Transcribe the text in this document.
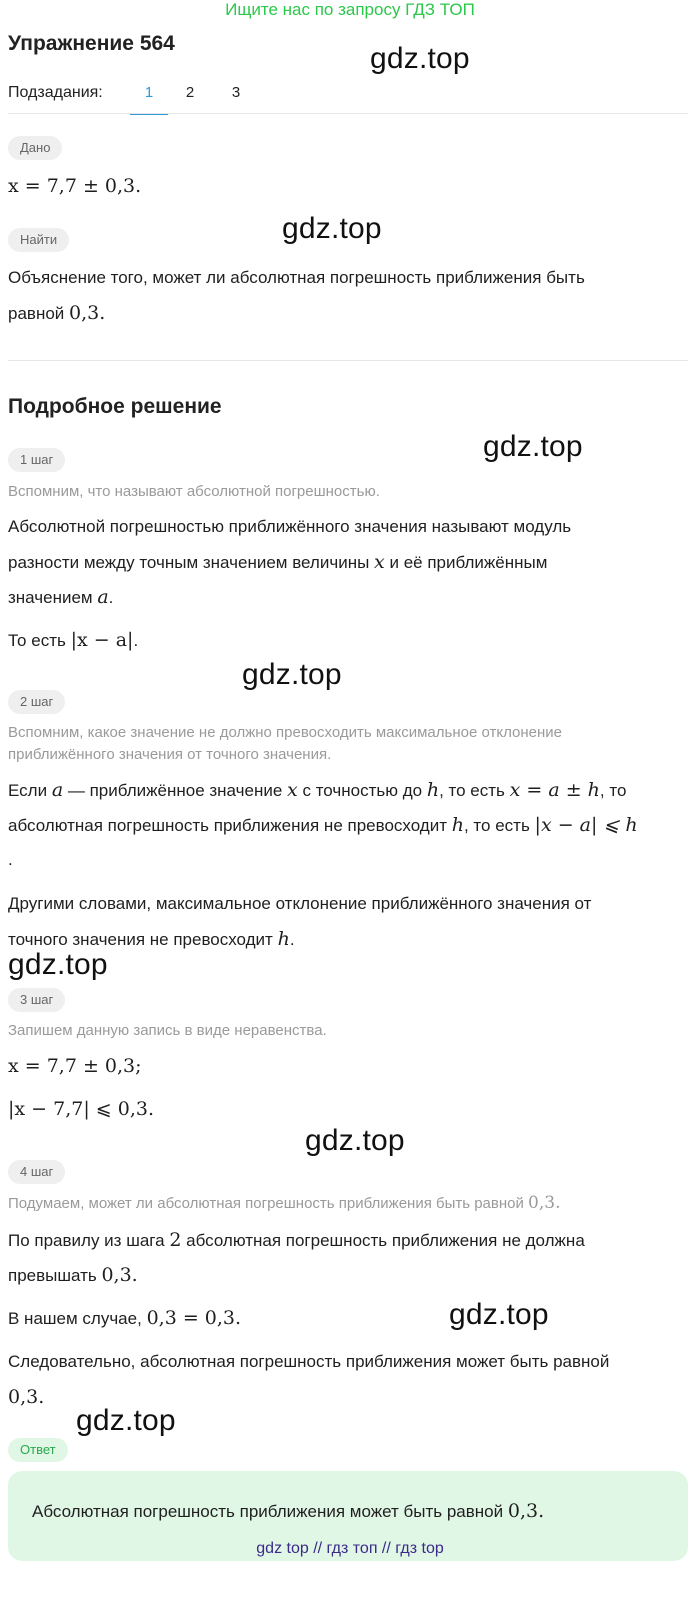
Ищите нас по запросу ГДЗ ТОП
Упражнение 564	gdz.top
Подзадания:	1	2	3
Дано
x = 7,7 ± 0,3.
gdz.top
Найти
Объяснение того, может ли абсолютная погрешность приближения быть
равной 0,3.
Подробное решение
gdz.top
1 шаг
Вспомним, что называют абсолютной погрешностью.
Абсолютной погрешностью приближённого значения называют модуль
разности между точным значением величины x и её приближённым
значением a.
То есть |x − a|.
gdz.top
2 шаг
Вспомним, какое значение не должно превосходить максимальное отклонение
приближённого значения от точного значения.
Если a — приближённое значение x с точностью до h, то есть x = a ± h, то
абсолютная погрешность приближения не превосходит h, то есть |x − a| ⩽ h
.
Другими словами, максимальное отклонение приближённого значения от
точного значения не превосходит h.
gdz.top
3 шаг
Запишем данную запись в виде неравенства.
x = 7,7 ± 0,3;
|x − 7,7| ⩽ 0,3.
gdz.top
4 шаг
Подумаем, может ли абсолютная погрешность приближения быть равной 0,3.
По правилу из шага 2 абсолютная погрешность приближения не должна
превышать 0,3.
В нашем случае, 0,3 = 0,3.	gdz.top
Следовательно, абсолютная погрешность приближения может быть равной
0,3.
gdz.top
Ответ
Абсолютная погрешность приближения может быть равной 0,3.
gdz top // гдз топ // гдз top
